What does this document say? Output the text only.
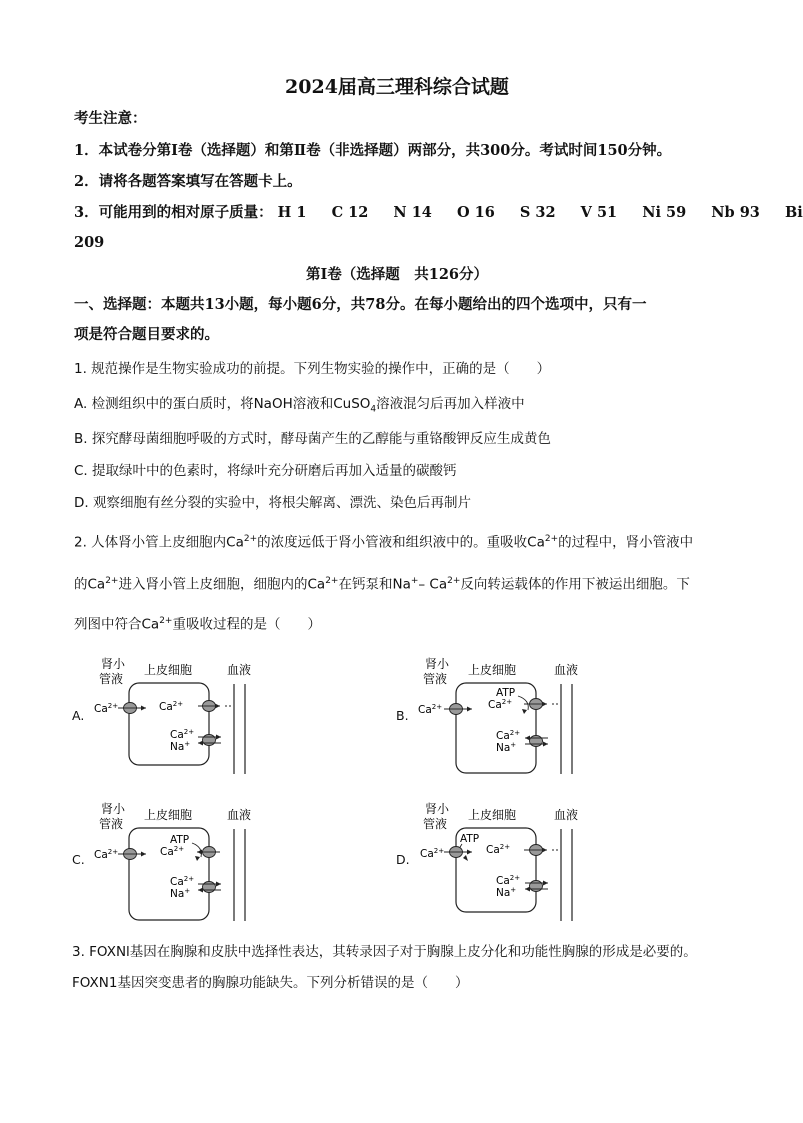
2024届高三理科综合试题
考生注意：
1．本试卷分第Ⅰ卷（选择题）和第Ⅱ卷（非选择题）两部分，共300分。考试时间150分钟。
2．请将各题答案填写在答题卡上。
3．可能用到的相对原子质量： H 1 C 12 N 14 O 16 S 32 V 51 Ni 59 Nb 93 Bi
209
第Ⅰ卷（选择题　共126分）
一、选择题：本题共13小题，每小题6分，共78分。在每小题给出的四个选项中，只有一
项是符合题目要求的。
1. 规范操作是生物实验成功的前提。下列生物实验的操作中，正确的是（　　）
A. 检测组织中的蛋白质时，将NaOH溶液和CuSO$_4$溶液混匀后再加入样液中
B. 探究酵母菌细胞呼吸的方式时，酵母菌产生的乙醇能与重铬酸钾反应生成黄色
C. 提取绿叶中的色素时，将绿叶充分研磨后再加入适量的碳酸钙
D. 观察细胞有丝分裂的实验中，将根尖解离、漂洗、染色后再制片
2. 人体肾小管上皮细胞内$Ca^{2+}$的浓度远低于肾小管液和组织液中的。重吸收$Ca^{2+}$的过程中，肾小管液中
的$Ca^{2+}$进入肾小管上皮细胞，细胞内的$Ca^{2+}$在钙泵和Na+– $Ca^{2+}$反向转运载体的作用下被运出细胞。下
列图中符合$Ca^{2+}$重吸收过程的是（　　）
A.	B.
C.	D.
肾小
管液
上皮细胞	血液
$Ca^{2+}$	$Ca^{2+}$
$Ca^{2+}$
Na+
肾小
管液
上皮细胞	血液
$Ca^{2+}$
ATP
$Ca^{2+}$
$Ca^{2+}$
Na+
肾小
管液
上皮细胞	血液
$Ca^{2+}$
ATP
$Ca^{2+}$
$Ca^{2+}$
Na+
肾小
管液
上皮细胞	血液
ATP
$Ca^{2+}$	$Ca^{2+}$
$Ca^{2+}$
Na+
3. FOXNl基因在胸腺和皮肤中选择性表达，其转录因子对于胸腺上皮分化和功能性胸腺的形成是必要的。
FOXN1基因突变患者的胸腺功能缺失。下列分析错误的是（　　）
